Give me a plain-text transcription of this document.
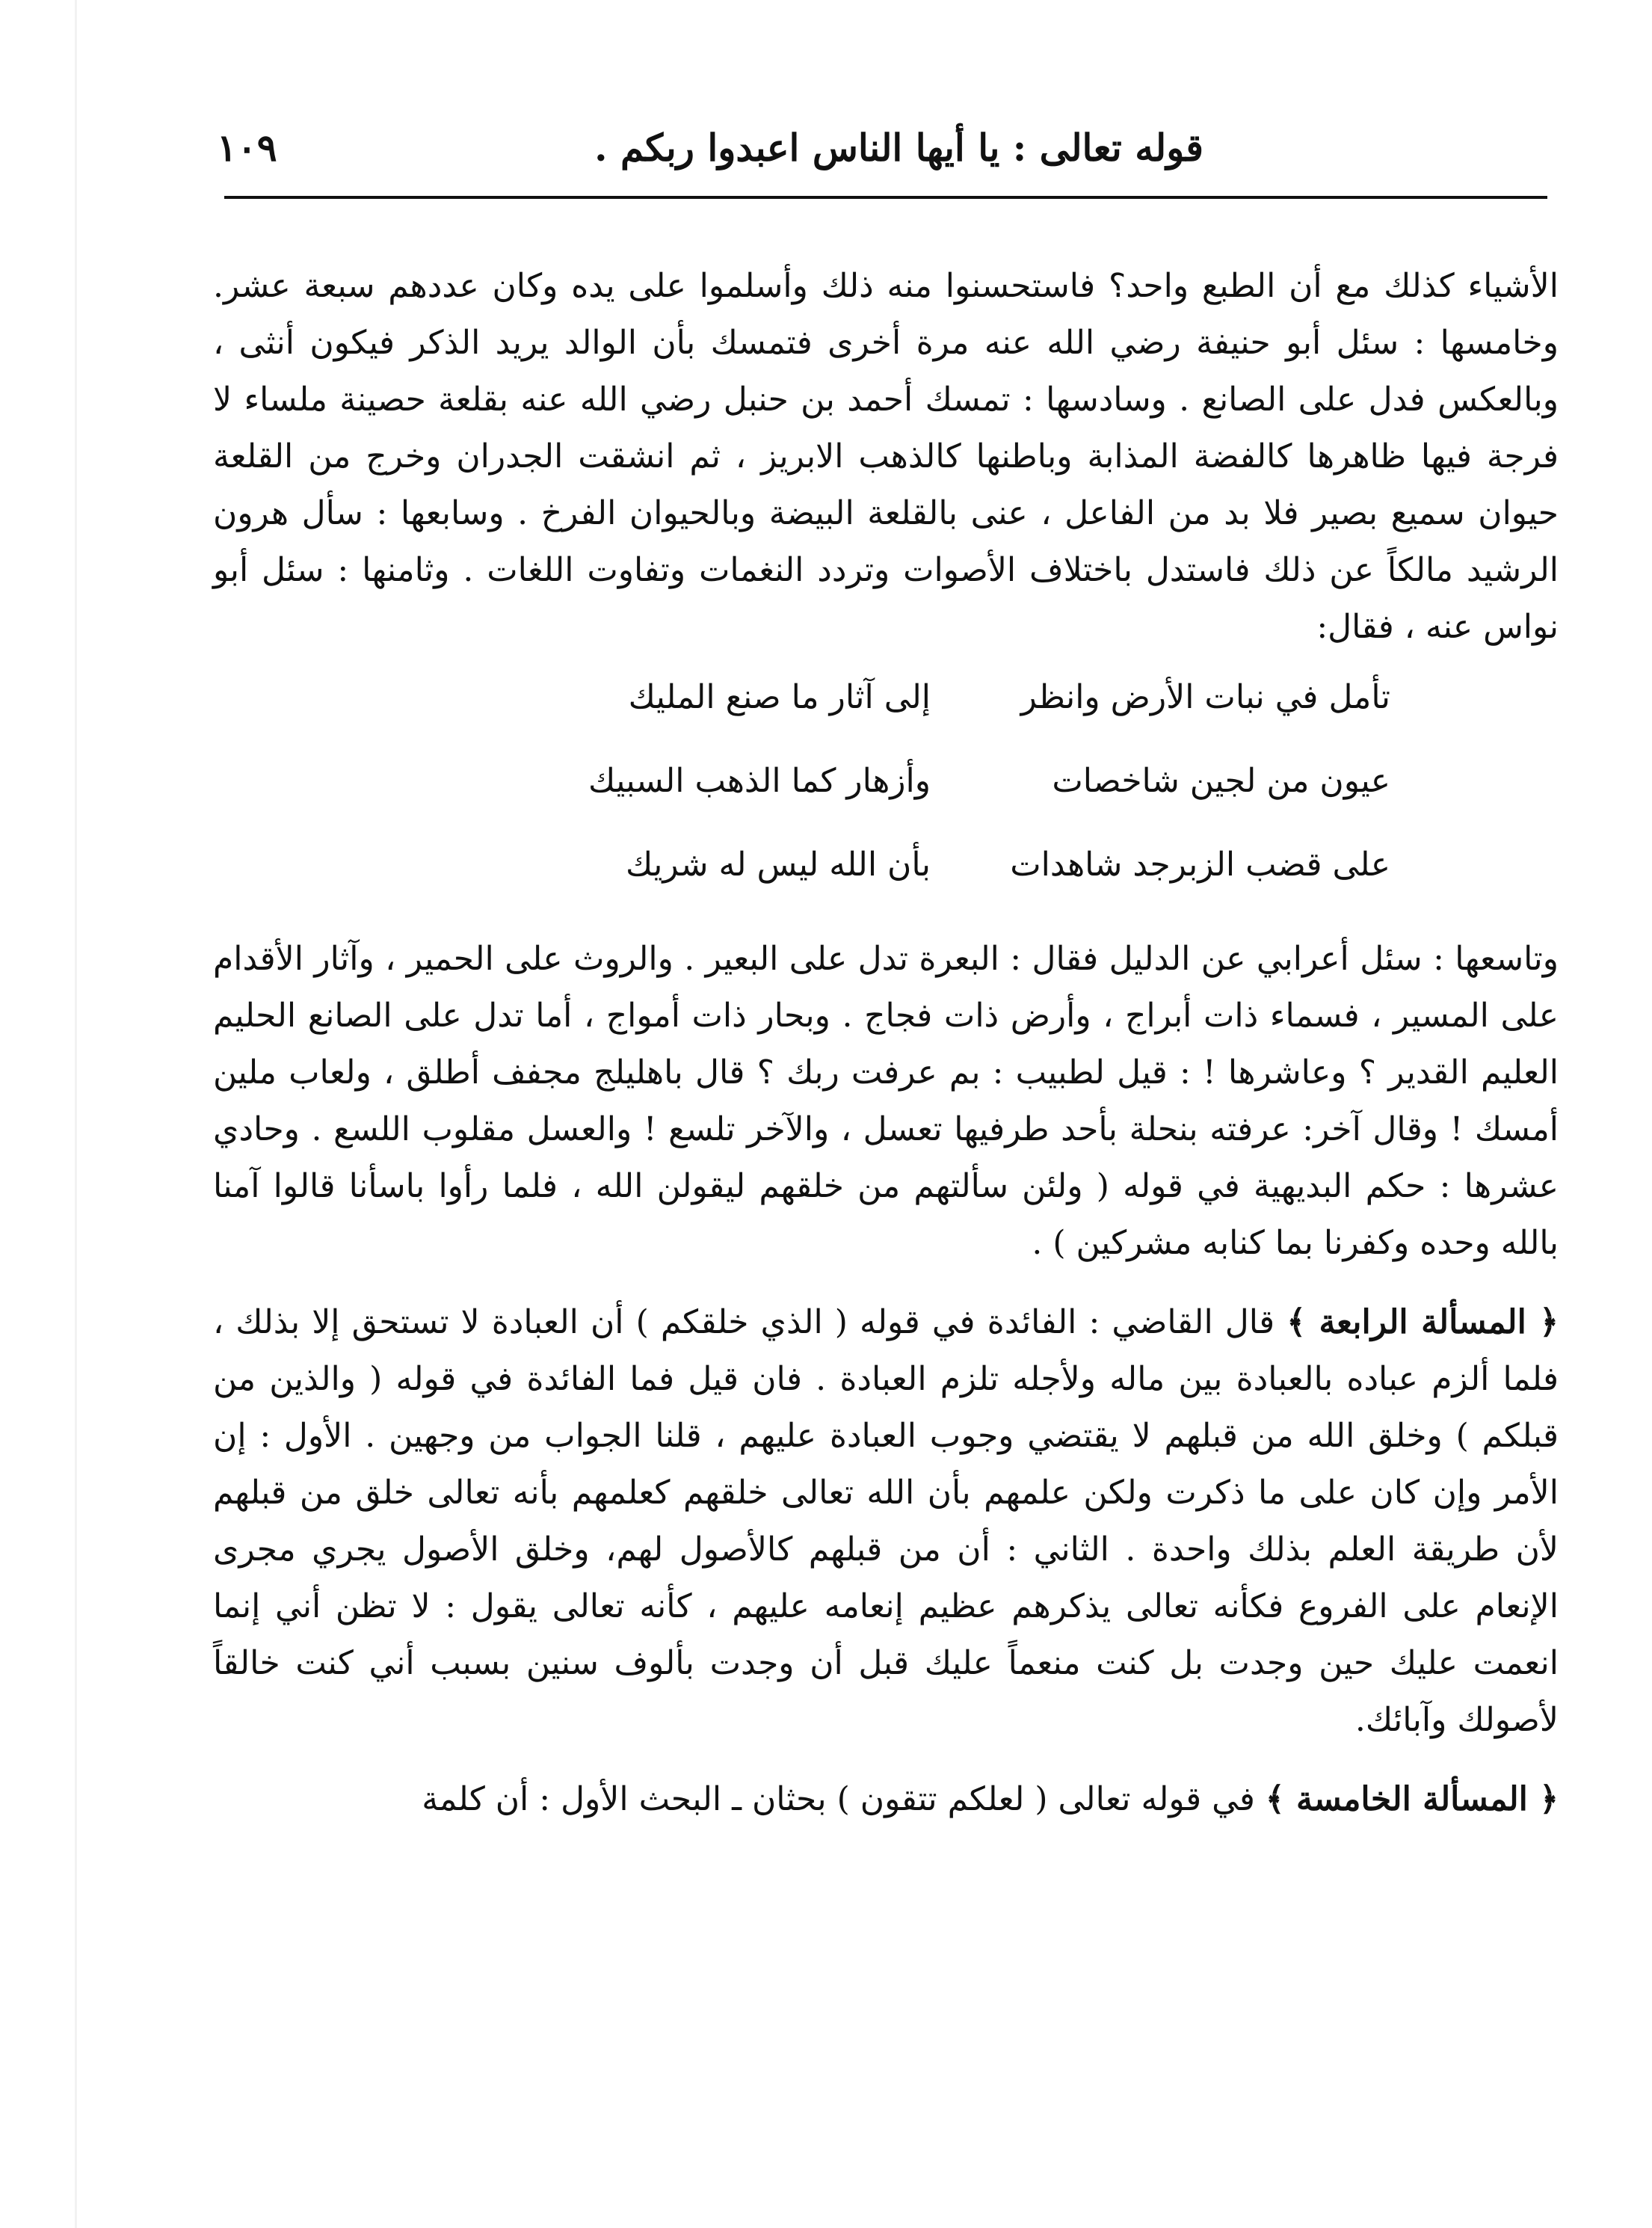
قوله تعالى : يا أيها الناس اعبدوا ربكم .
١٠٩

الأشياء كذلك مع أن الطبع واحد؟ فاستحسنوا منه ذلك وأسلموا على يده وكان عددهم سبعة عشر. وخامسها : سئل أبو حنيفة رضي الله عنه مرة أخرى فتمسك بأن الوالد يريد الذكر فيكون أنثى ، وبالعكس فدل على الصانع . وسادسها : تمسك أحمد بن حنبل رضي الله عنه بقلعة حصينة ملساء لا فرجة فيها ظاهرها كالفضة المذابة وباطنها كالذهب الابريز ، ثم انشقت الجدران وخرج من القلعة حيوان سميع بصير فلا بد من الفاعل ، عنى بالقلعة البيضة وبالحيوان الفرخ . وسابعها : سأل هرون الرشيد مالكاً عن ذلك فاستدل باختلاف الأصوات وتردد النغمات وتفاوت اللغات . وثامنها : سئل أبو نواس عنه ، فقال:

تأمل في نبات الأرض وانظر
إلى آثار ما صنع المليك
عيون من لجين شاخصات
وأزهار كما الذهب السبيك
على قضب الزبرجد شاهدات
بأن الله ليس له شريك

وتاسعها : سئل أعرابي عن الدليل فقال : البعرة تدل على البعير . والروث على الحمير ، وآثار الأقدام على المسير ، فسماء ذات أبراج ، وأرض ذات فجاج . وبحار ذات أمواج ، أما تدل على الصانع الحليم العليم القدير ؟ وعاشرها ! : قيل لطبيب : بم عرفت ربك ؟ قال باهليلج مجفف أطلق ، ولعاب ملين أمسك ! وقال آخر: عرفته بنحلة بأحد طرفيها تعسل ، والآخر تلسع ! والعسل مقلوب اللسع . وحادي عشرها : حكم البديهية في قوله ( ولئن سألتهم من خلقهم ليقولن الله ، فلما رأوا باسأنا قالوا آمنا بالله وحده وكفرنا بما كنابه مشركين ) .

﴿ المسألة الرابعة ﴾ قال القاضي : الفائدة في قوله ( الذي خلقكم ) أن العبادة لا تستحق إلا بذلك ، فلما ألزم عباده بالعبادة بين ماله ولأجله تلزم العبادة . فان قيل فما الفائدة في قوله ( والذين من قبلكم ) وخلق الله من قبلهم لا يقتضي وجوب العبادة عليهم ، قلنا الجواب من وجهين . الأول : إن الأمر وإن كان على ما ذكرت ولكن علمهم بأن الله تعالى خلقهم كعلمهم بأنه تعالى خلق من قبلهم لأن طريقة العلم بذلك واحدة . الثاني : أن من قبلهم كالأصول لهم، وخلق الأصول يجري مجرى الإنعام على الفروع فكأنه تعالى يذكرهم عظيم إنعامه عليهم ، كأنه تعالى يقول : لا تظن أني إنما انعمت عليك حين وجدت بل كنت منعماً عليك قبل أن وجدت بألوف سنين بسبب أني كنت خالقاً لأصولك وآبائك.

﴿ المسألة الخامسة ﴾ في قوله تعالى ( لعلكم تتقون ) بحثان ـ البحث الأول : أن كلمة
